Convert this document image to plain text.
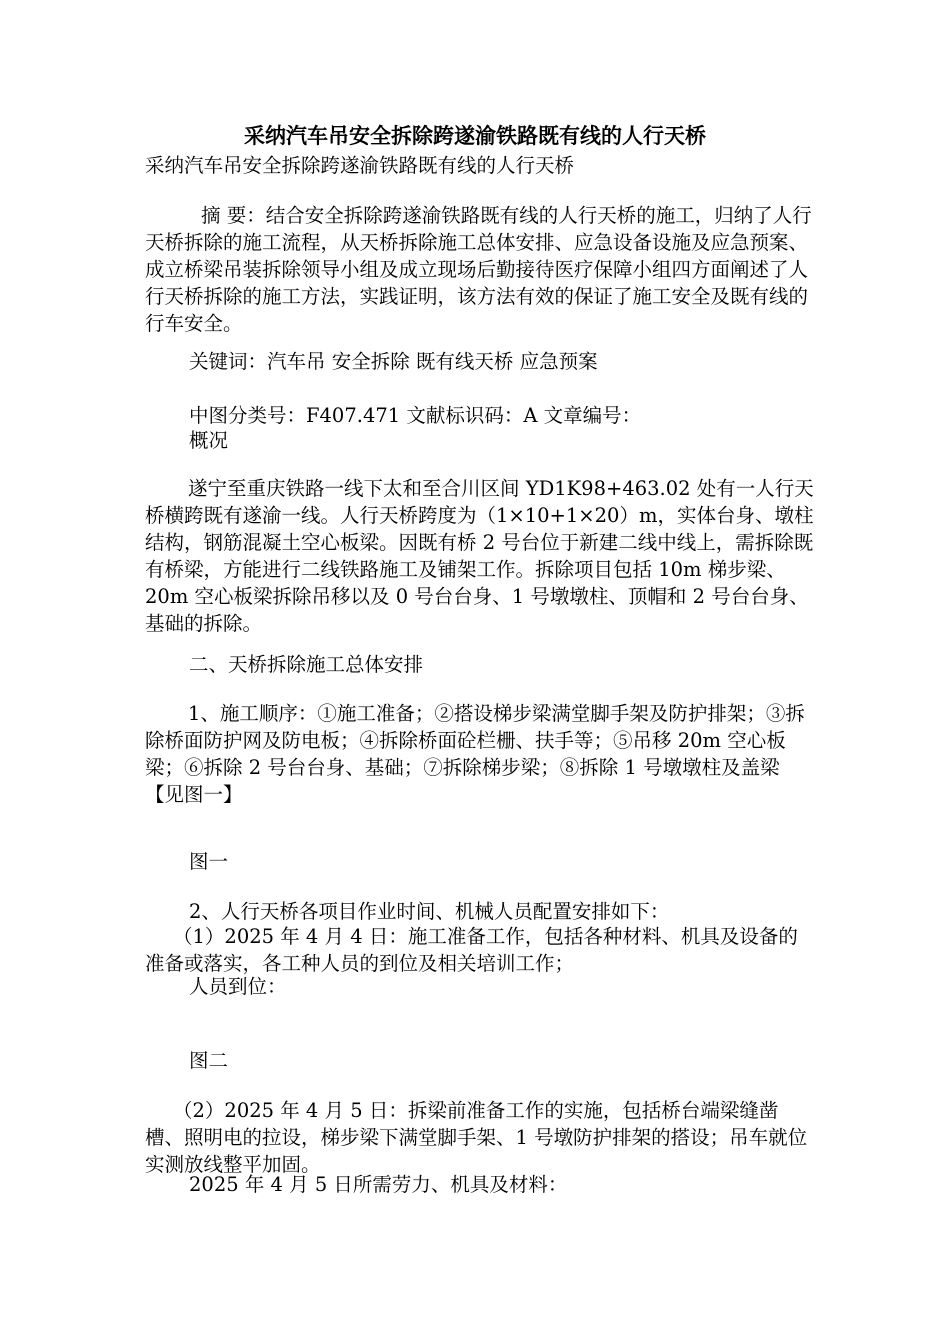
采纳汽车吊安全拆除跨遂渝铁路既有线的人行天桥
采纳汽车吊安全拆除跨遂渝铁路既有线的人行天桥
摘 要：结合安全拆除跨遂渝铁路既有线的人行天桥的施工，归纳了人行天桥拆除的施工流程，从天桥拆除施工总体安排、应急设备设施及应急预案、成立桥梁吊装拆除领导小组及成立现场后勤接待医疗保障小组四方面阐述了人行天桥拆除的施工方法，实践证明，该方法有效的保证了施工安全及既有线的行车安全。
关键词：汽车吊 安全拆除 既有线天桥 应急预案
中图分类号：F407.471 文献标识码：A 文章编号：
概况
遂宁至重庆铁路一线下太和至合川区间 YD1K98+463.02 处有一人行天桥横跨既有遂渝一线。人行天桥跨度为（1×10+1×20）m，实体台身、墩柱结构，钢筋混凝土空心板梁。因既有桥 2 号台位于新建二线中线上，需拆除既有桥梁，方能进行二线铁路施工及铺架工作。拆除项目包括 10m 梯步梁、20m 空心板梁拆除吊移以及 0 号台台身、1 号墩墩柱、顶帽和 2 号台台身、基础的拆除。
二、天桥拆除施工总体安排
1、施工顺序：①施工准备；②搭设梯步梁满堂脚手架及防护排架；③拆除桥面防护网及防电板；④拆除桥面砼栏栅、扶手等；⑤吊移 20m 空心板梁；⑥拆除 2 号台台身、基础；⑦拆除梯步梁；⑧拆除 1 号墩墩柱及盖梁 【见图一】
图一
2、人行天桥各项目作业时间、机械人员配置安排如下：
（1）2025 年 4 月 4 日：施工准备工作，包括各种材料、机具及设备的准备或落实，各工种人员的到位及相关培训工作；
人员到位：
图二
（2）2025 年 4 月 5 日：拆梁前准备工作的实施，包括桥台端梁缝凿槽、照明电的拉设，梯步梁下满堂脚手架、1 号墩防护排架的搭设；吊车就位实测放线整平加固。
2025 年 4 月 5 日所需劳力、机具及材料：
